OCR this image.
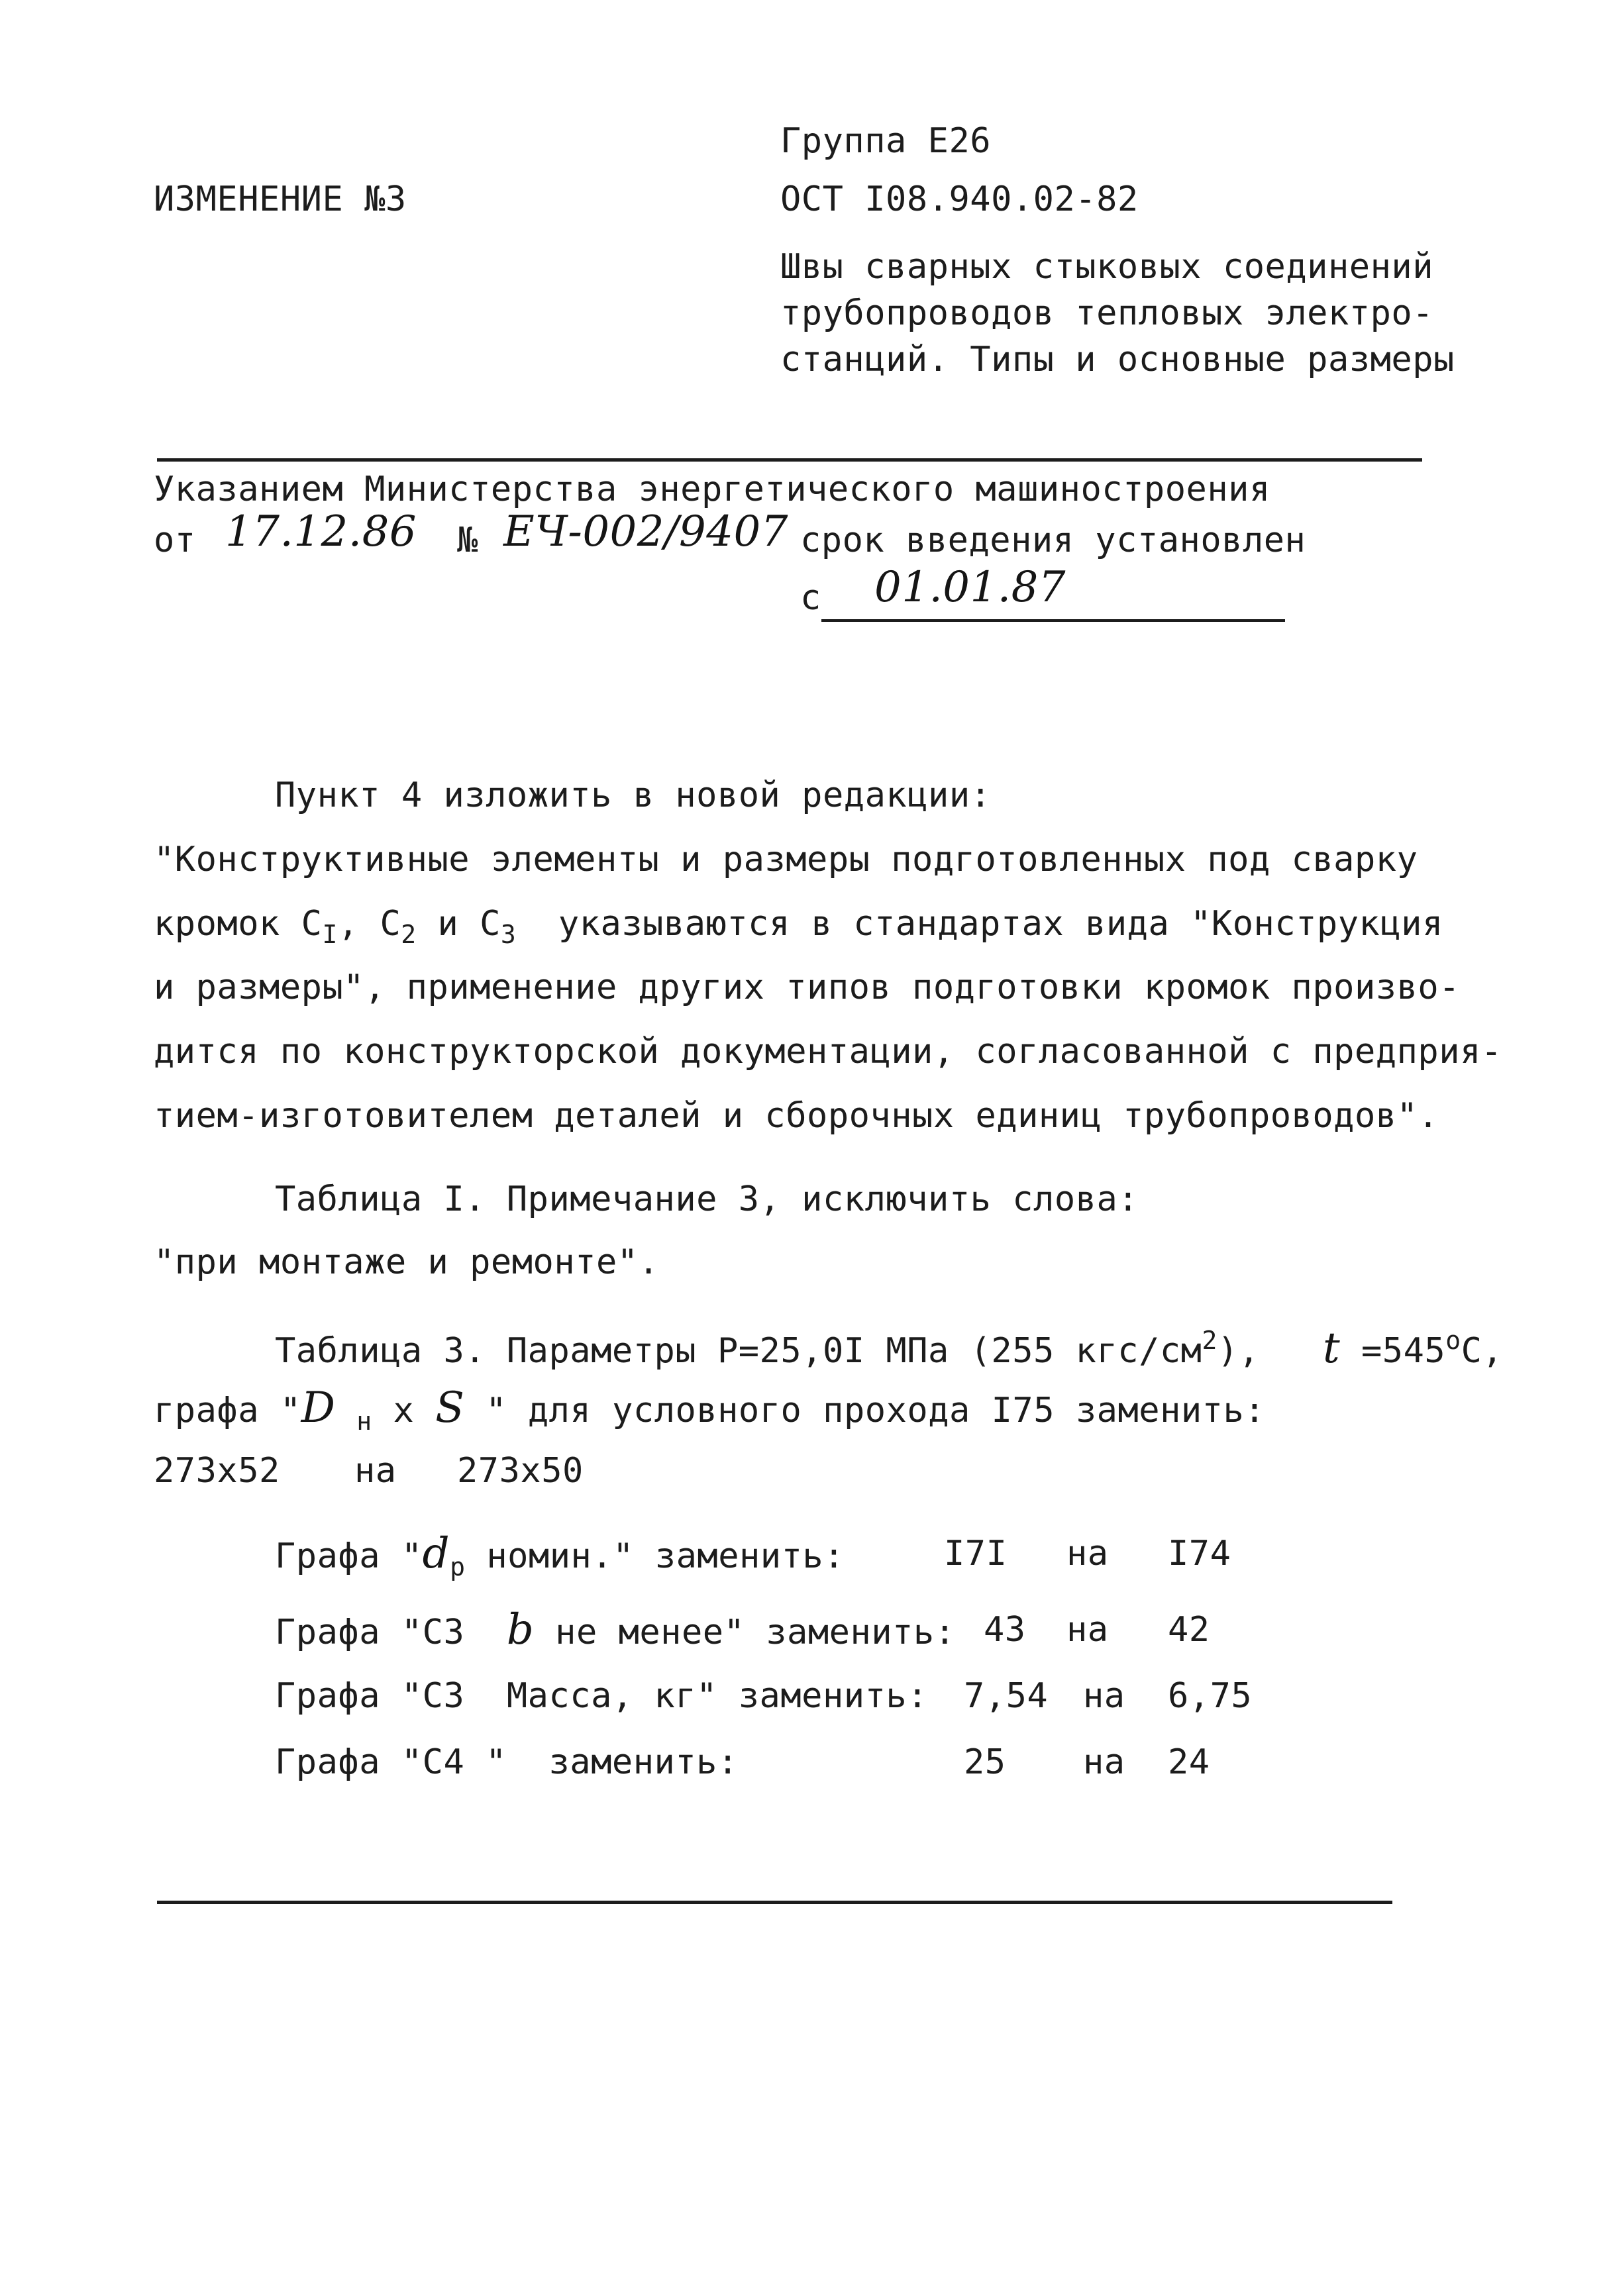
Группа Е26
ИЗМЕНЕНИЕ №3	ОСТ I08.940.02-82
Швы сварных стыковых соединений
трубопроводов тепловых электро-
станций. Типы и основные размеры
Указанием Министерства энергетического машиностроения
от 17.12.86 № ЕЧ-002/9407 срок введения установлен
с 01.01.87
Пункт 4 изложить в новой редакции:
"Конструктивные элементы и размеры подготовленных под сварку
кромок $С_I$, $С_2$ и $С_3$  указываются в стандартах вида "Конструкция
и размеры", применение других типов подготовки кромок произво-
дится по конструкторской документации, согласованной с предприя-
тием-изготовителем деталей и сборочных единиц трубопроводов".
Таблица I. Примечание 3, исключить слова:
"при монтаже и ремонте".
Таблица 3. Параметры Р=25,0I МПа (255 кгс/$см^2$), $t =545^оС$,
графа "D $_н$ х S " для условного прохода I75 заменить:
273х52 на 273х50
Графа "$d_р$ номин." заменить:	I7I на I74
Графа "С3  b не менее" заменить: 43 на 42
Графа "С3  Масса, кг" заменить: 7,54 на 6,75
Графа "С4 "  заменить:	25 на 24
